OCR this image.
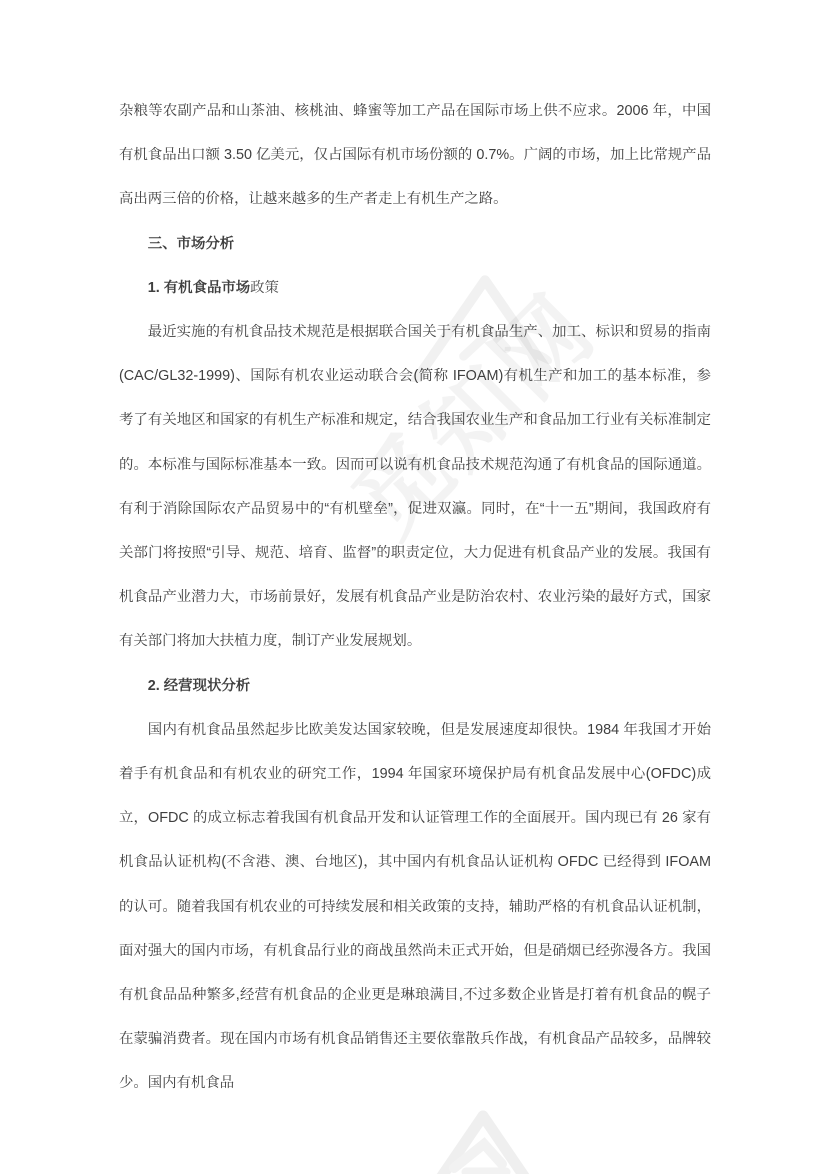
杂粮等农副产品和山茶油、核桃油、蜂蜜等加工产品在国际市场上供不应求。2006 年，中国有机食品出口额 3.50 亿美元，仅占国际有机市场份额的 0.7%。广阔的市场，加上比常规产品高出两三倍的价格，让越来越多的生产者走上有机生产之路。

三、市场分析

1. 有机食品市场政策

最近实施的有机食品技术规范是根据联合国关于有机食品生产、加工、标识和贸易的指南(CAC/GL32-1999)、国际有机农业运动联合会(简称 IFOAM)有机生产和加工的基本标准，参考了有关地区和国家的有机生产标准和规定，结合我国农业生产和食品加工行业有关标准制定的。本标准与国际标准基本一致。因而可以说有机食品技术规范沟通了有机食品的国际通道。有利于消除国际农产品贸易中的“有机壁垒”，促进双瀛。同时，在“十一五”期间，我国政府有关部门将按照“引导、规范、培育、监督”的职责定位，大力促进有机食品产业的发展。我国有机食品产业潜力大，市场前景好，发展有机食品产业是防治农村、农业污染的最好方式，国家有关部门将加大扶植力度，制订产业发展规划。

2. 经营现状分析

国内有机食品虽然起步比欧美发达国家较晚，但是发展速度却很快。1984 年我国才开始着手有机食品和有机农业的研究工作，1994 年国家环境保护局有机食品发展中心(OFDC)成立，OFDC 的成立标志着我国有机食品开发和认证管理工作的全面展开。国内现已有 26 家有机食品认证机构(不含港、澳、台地区)，其中国内有机食品认证机构 OFDC 已经得到 IFOAM 的认可。随着我国有机农业的可持续发展和相关政策的支持，辅助严格的有机食品认证机制，面对强大的国内市场，有机食品行业的商战虽然尚未正式开始，但是硝烟已经弥漫各方。我国有机食品品种繁多,经营有机食品的企业更是琳琅满目,不过多数企业皆是打着有机食品的幌子在蒙骗消费者。现在国内市场有机食品销售还主要依靠散兵作战，有机食品产品较多，品牌较少。国内有机食品
